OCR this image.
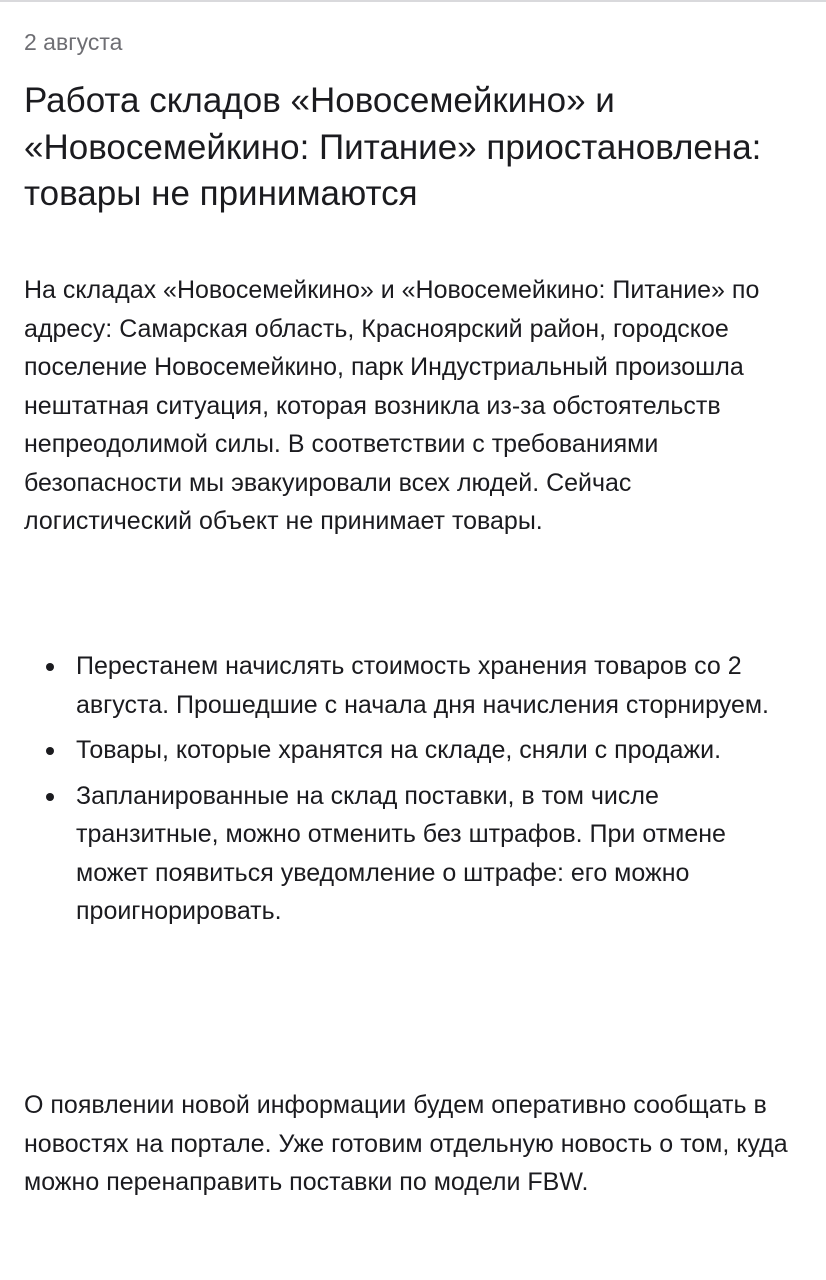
2 августа

Работа складов «Новосемейкино» и «Новосемейкино: Питание» приостановлена: товары не принимаются

На складах «Новосемейкино» и «Новосемейкино: Питание» по адресу: Самарская область, Красноярский район, городское поселение Новосемейкино, парк Индустриальный произошла нештатная ситуация, которая возникла из-за обстоятельств непреодолимой силы. В соответствии с требованиями безопасности мы эвакуировали всех людей. Сейчас логистический объект не принимает товары.

Перестанем начислять стоимость хранения товаров со 2 августа. Прошедшие с начала дня начисления сторнируем.
Товары, которые хранятся на складе, сняли с продажи.
Запланированные на склад поставки, в том числе транзитные, можно отменить без штрафов. При отмене может появиться уведомление о штрафе: его можно проигнорировать.

О появлении новой информации будем оперативно сообщать в новостях на портале. Уже готовим отдельную новость о том, куда можно перенаправить поставки по модели FBW.
